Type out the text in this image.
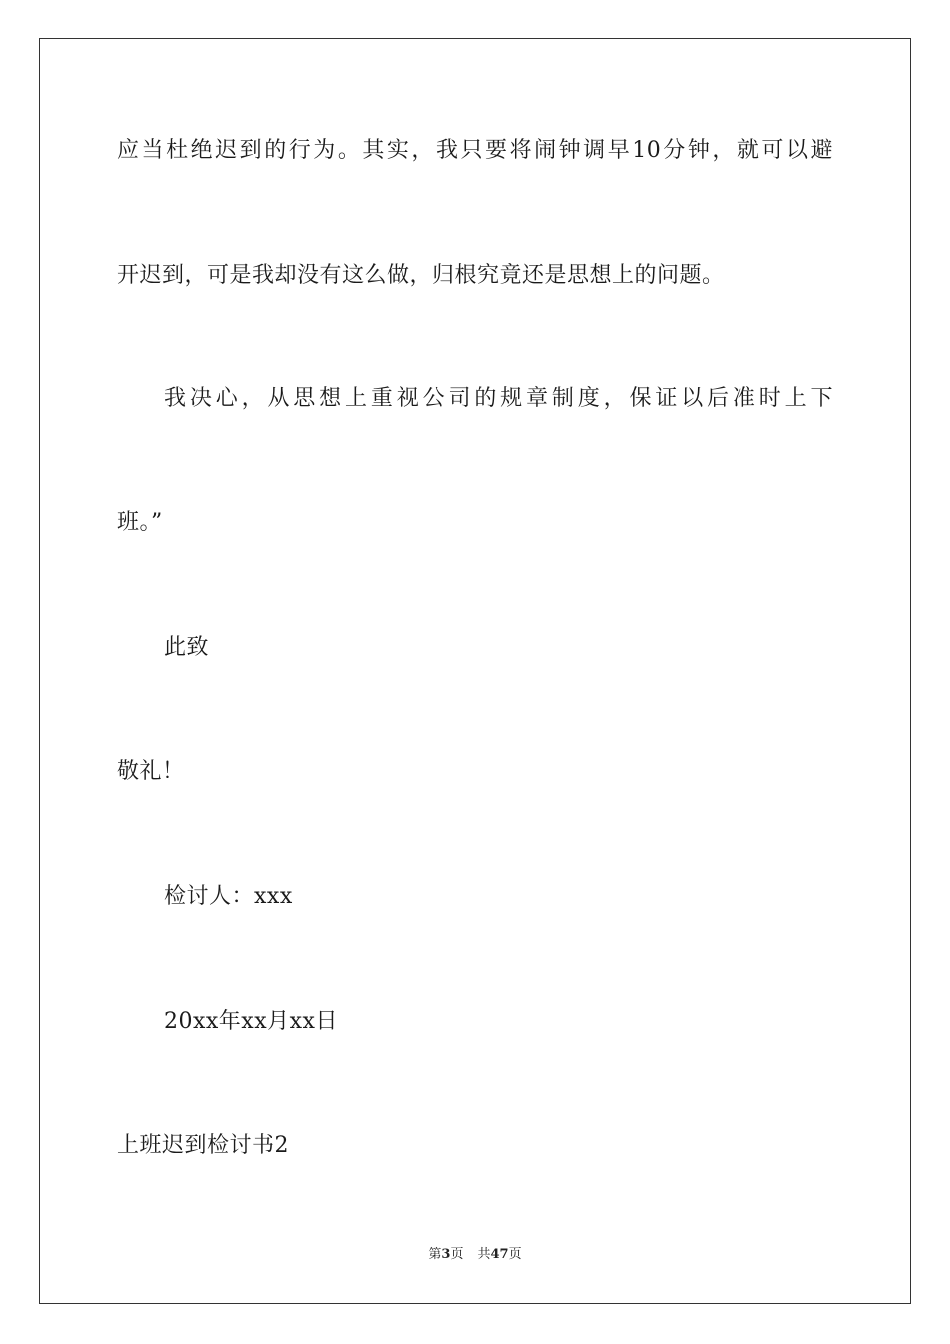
应当杜绝迟到的行为。其实，我只要将闹钟调早10分钟，就可以避
开迟到，可是我却没有这么做，归根究竟还是思想上的问题。
我决心，从思想上重视公司的规章制度，保证以后准时上下
班。”
此致
敬礼！
检讨人：xxx
20xx年xx月xx日
上班迟到检讨书2
第3页 共47页
